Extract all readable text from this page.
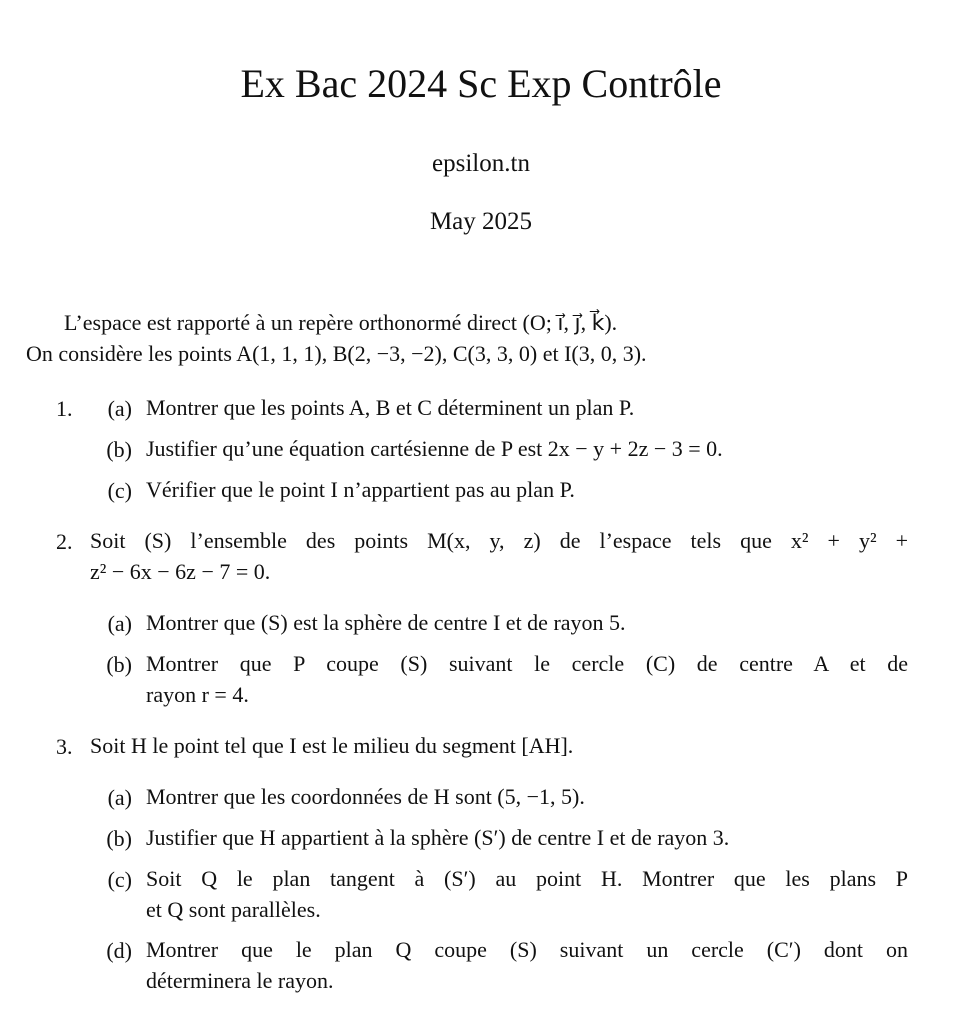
Ex Bac 2024 Sc Exp Contrôle
epsilon.tn
May 2025
L’espace est rapporté à un repère orthonormé direct (O; i⃗, j⃗, k⃗).
On considère les points A(1, 1, 1), B(2, −3, −2), C(3, 3, 0) et I(3, 0, 3).
1.	(a) Montrer que les points A, B et C déterminent un plan P.
(b) Justifier qu’une équation cartésienne de P est 2x − y + 2z − 3 = 0.
(c) Vérifier que le point I n’appartient pas au plan P.
2. Soit (S) l’ensemble des points M(x, y, z) de l’espace tels que x² + y² +
z² − 6x − 6z − 7 = 0.
(a) Montrer que (S) est la sphère de centre I et de rayon 5.
(b) Montrer que P coupe (S) suivant le cercle (C) de centre A et de
rayon r = 4.
3. Soit H le point tel que I est le milieu du segment [AH].
(a) Montrer que les coordonnées de H sont (5, −1, 5).
(b) Justifier que H appartient à la sphère (S′) de centre I et de rayon 3.
(c) Soit Q le plan tangent à (S′) au point H. Montrer que les plans P
et Q sont parallèles.
(d) Montrer que le plan Q coupe (S) suivant un cercle (C′) dont on
déterminera le rayon.
